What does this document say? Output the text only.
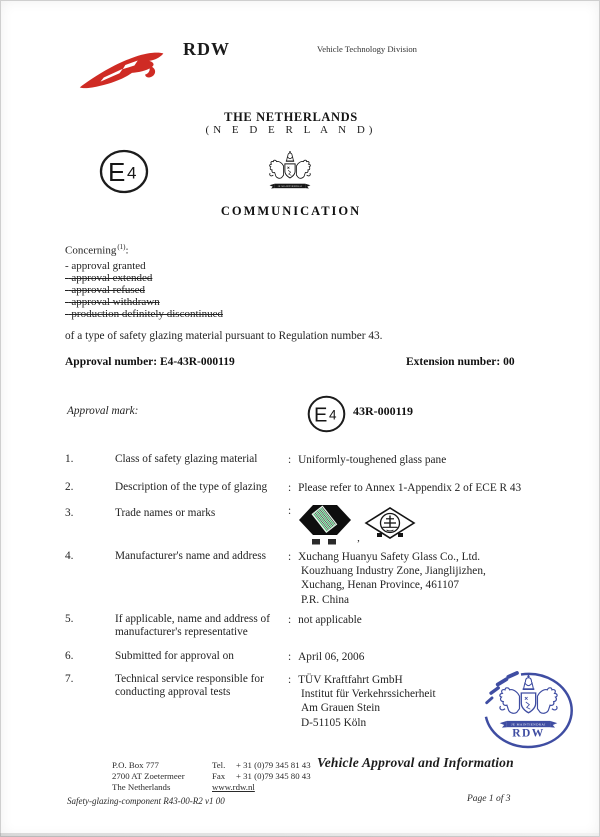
RDW	Vehicle Technology Division
THE NETHERLANDS
(N E D E R L A N D)
E 4
COMMUNICATION
Concerning$^{(1)}$:
- approval granted
- approval extended
- approval refused
- approval withdrawn
- production definitely discontinued
of a type of safety glazing material pursuant to Regulation number 43.
Approval number: E4-43R-000119	Extension number: 00
Approval mark:	E 4 43R-000119
1.	Class of safety glazing material	: Uniformly-toughened glass pane
2.	Description of the type of glazing	: Please refer to Annex 1-Appendix 2 of ECE R 43
3.	Trade names or marks	:
,
4.	Manufacturer's name and address	: Xuchang Huanyu Safety Glass Co., Ltd.
Kouzhuang Industry Zone, Jianglijizhen,
Xuchang, Henan Province, 461107
P.R. China
5.	If applicable, name and address of
manufacturer's representative
: not applicable
6.	Submitted for approval on	: April 06, 2006
7.	Technical service responsible for
conducting approval tests
: TÜV Kraftfahrt GmbH
Institut für Verkehrssicherheit
Am Grauen Stein
D-51105 Köln
RDW
P.O. Box 777
2700 AT Zoetermeer
The Netherlands
Tel. + 31 (0)79 345 81 43
Fax + 31 (0)79 345 80 43
www.rdw.nl
Vehicle Approval and Information
Safety-glazing-component R43-00-R2 v1 00	Page 1 of 3
